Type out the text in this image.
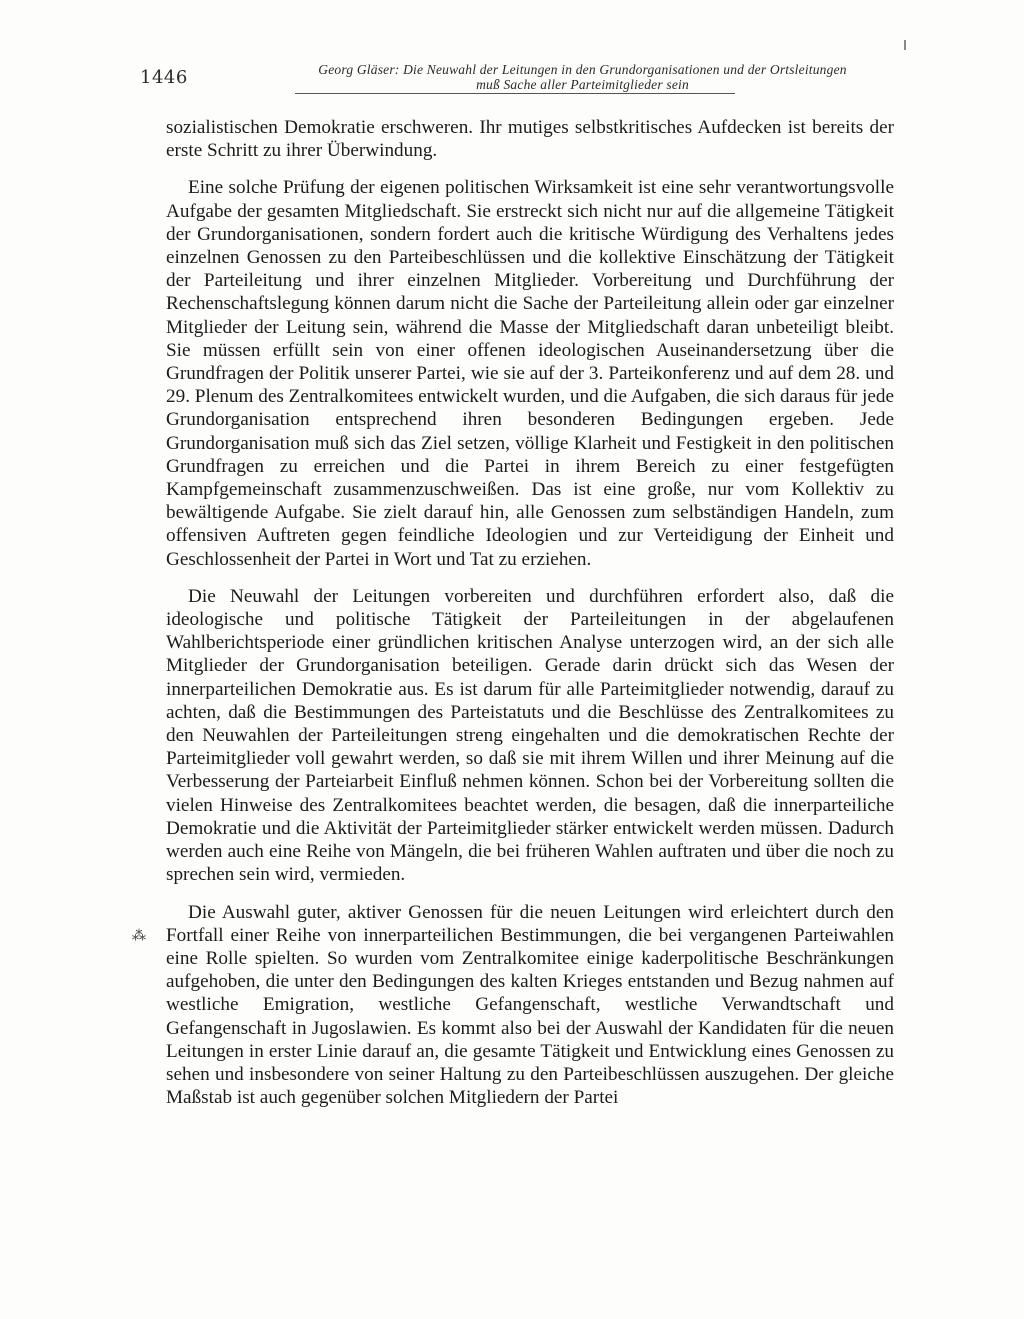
1446	Georg Gläser: Die Neuwahl der Leitungen in den Grundorganisationen und der Ortsleitungen
muß Sache aller Parteimitglieder sein

sozialistischen Demokratie erschweren. Ihr mutiges selbstkritisches Aufdecken ist bereits der erste Schritt zu ihrer Überwindung.

Eine solche Prüfung der eigenen politischen Wirksamkeit ist eine sehr verantwortungsvolle Aufgabe der gesamten Mitgliedschaft. Sie erstreckt sich nicht nur auf die allgemeine Tätigkeit der Grundorganisationen, sondern fordert auch die kritische Würdigung des Verhaltens jedes einzelnen Genossen zu den Parteibeschlüssen und die kollektive Einschätzung der Tätigkeit der Parteileitung und ihrer einzelnen Mitglieder. Vorbereitung und Durchführung der Rechenschaftslegung können darum nicht die Sache der Parteileitung allein oder gar einzelner Mitglieder der Leitung sein, während die Masse der Mitgliedschaft daran unbeteiligt bleibt. Sie müssen erfüllt sein von einer offenen ideologischen Auseinandersetzung über die Grundfragen der Politik unserer Partei, wie sie auf der 3. Parteikonferenz und auf dem 28. und 29. Plenum des Zentralkomitees entwickelt wurden, und die Aufgaben, die sich daraus für jede Grundorganisation entsprechend ihren besonderen Bedingungen ergeben. Jede Grundorganisation muß sich das Ziel setzen, völlige Klarheit und Festigkeit in den politischen Grundfragen zu erreichen und die Partei in ihrem Bereich zu einer festgefügten Kampfgemeinschaft zusammenzuschweißen. Das ist eine große, nur vom Kollektiv zu bewältigende Aufgabe. Sie zielt darauf hin, alle Genossen zum selbständigen Handeln, zum offensiven Auftreten gegen feindliche Ideologien und zur Verteidigung der Einheit und Geschlossenheit der Partei in Wort und Tat zu erziehen.

Die Neuwahl der Leitungen vorbereiten und durchführen erfordert also, daß die ideologische und politische Tätigkeit der Parteileitungen in der abgelaufenen Wahlberichtsperiode einer gründlichen kritischen Analyse unterzogen wird, an der sich alle Mitglieder der Grundorganisation beteiligen. Gerade darin drückt sich das Wesen der innerparteilichen Demokratie aus. Es ist darum für alle Parteimitglieder notwendig, darauf zu achten, daß die Bestimmungen des Parteistatuts und die Beschlüsse des Zentralkomitees zu den Neuwahlen der Parteileitungen streng eingehalten und die demokratischen Rechte der Parteimitglieder voll gewahrt werden, so daß sie mit ihrem Willen und ihrer Meinung auf die Verbesserung der Parteiarbeit Einfluß nehmen können. Schon bei der Vorbereitung sollten die vielen Hinweise des Zentralkomitees beachtet werden, die besagen, daß die innerparteiliche Demokratie und die Aktivität der Parteimitglieder stärker entwickelt werden müssen. Dadurch werden auch eine Reihe von Mängeln, die bei früheren Wahlen auftraten und über die noch zu sprechen sein wird, vermieden.

Die Auswahl guter, aktiver Genossen für die neuen Leitungen wird erleichtert durch den Fortfall einer Reihe von innerparteilichen Bestimmungen, die bei vergangenen Parteiwahlen eine Rolle spielten. So wurden vom Zentralkomitee einige kaderpolitische Beschränkungen aufgehoben, die unter den Bedingungen des kalten Krieges entstanden und Bezug nahmen auf westliche Emigration, westliche Gefangenschaft, westliche Verwandtschaft und Gefangenschaft in Jugoslawien. Es kommt also bei der Auswahl der Kandidaten für die neuen Leitungen in erster Linie darauf an, die gesamte Tätigkeit und Entwicklung eines Genossen zu sehen und insbesondere von seiner Haltung zu den Parteibeschlüssen auszugehen. Der gleiche Maßstab ist auch gegenüber solchen Mitgliedern der Partei

⁂
